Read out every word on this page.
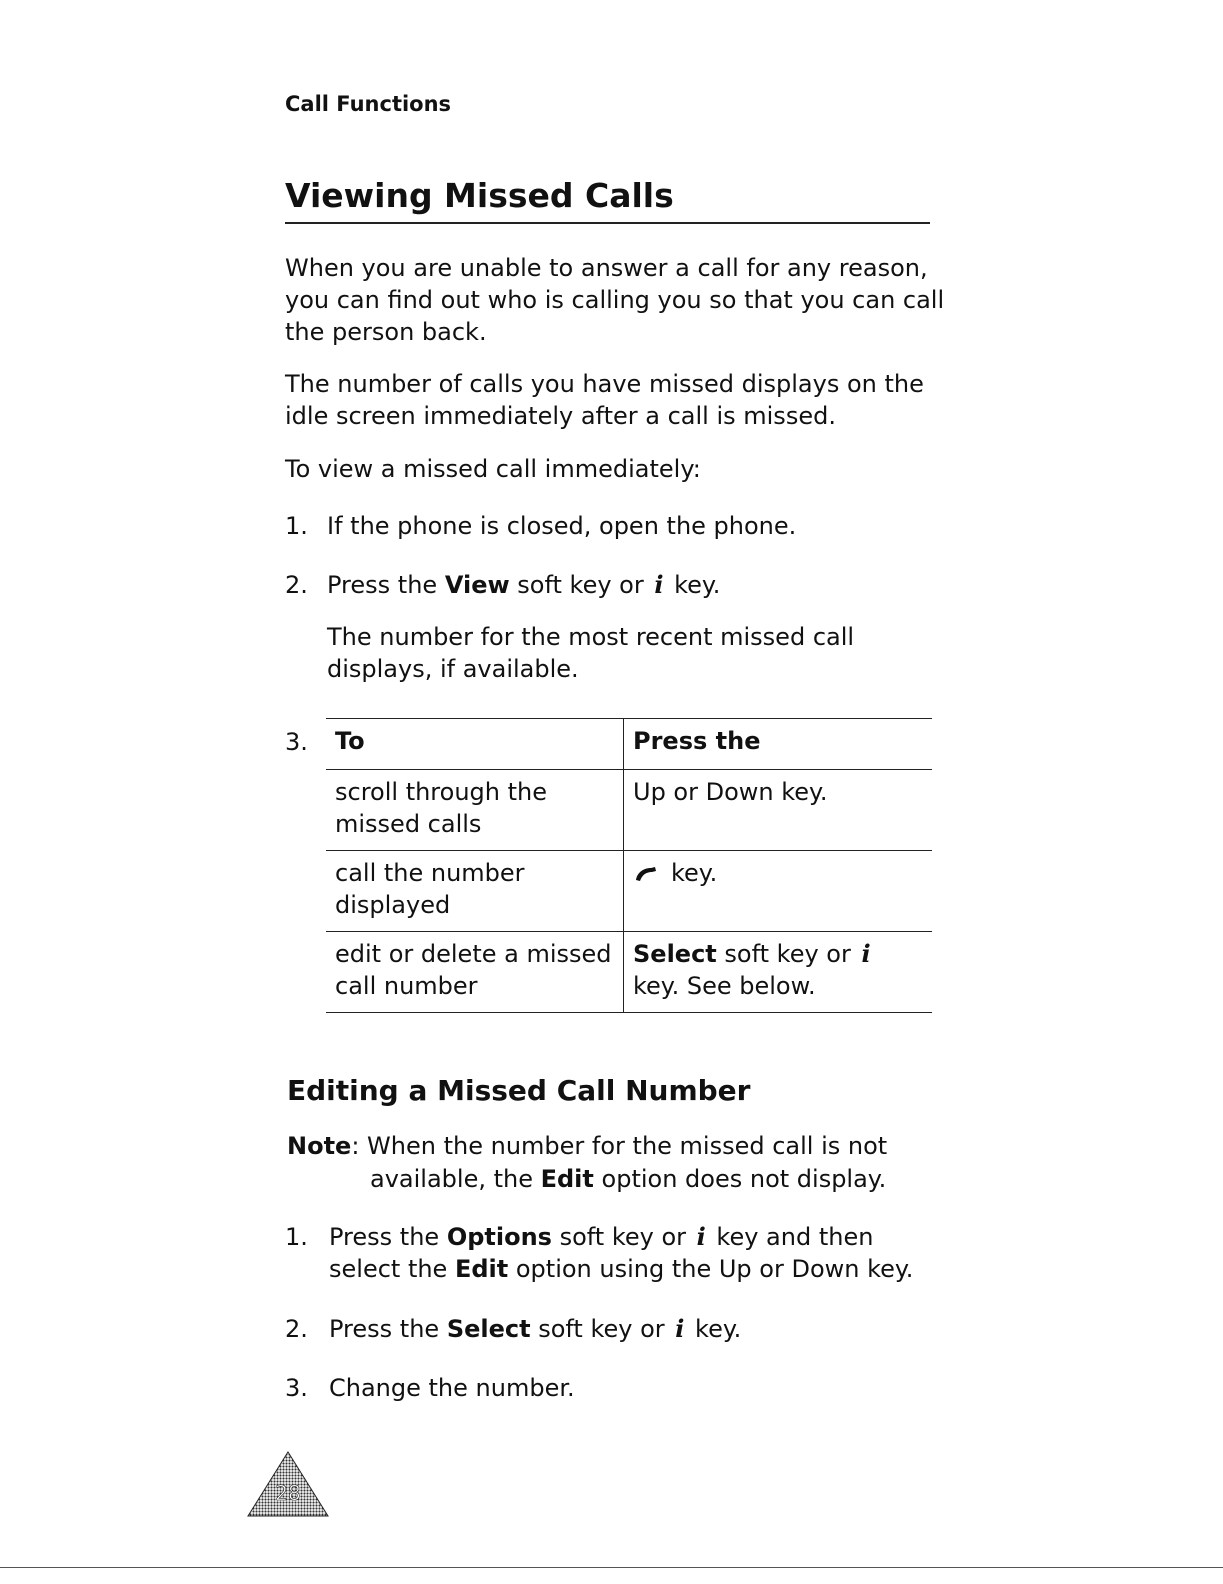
Call Functions
Viewing Missed Calls
When you are unable to answer a call for any reason, you can find out who is calling you so that you can call the person back.
The number of calls you have missed displays on the idle screen immediately after a call is missed.
To view a missed call immediately:
1. If the phone is closed, open the phone.
2. Press the View soft key or i key.
The number for the most recent missed call displays, if available.
3. To	Press the
scroll through the missed calls	Up or Down key.
call the number displayed	key.
edit or delete a missed call number	Select soft key or i
key. See below.
Editing a Missed Call Number
Note: When the number for the missed call is not
available, the Edit option does not display.
1. Press the Options soft key or i key and then
select the Edit option using the Up or Down key.
2. Press the Select soft key or i key.
3. Change the number.
28
